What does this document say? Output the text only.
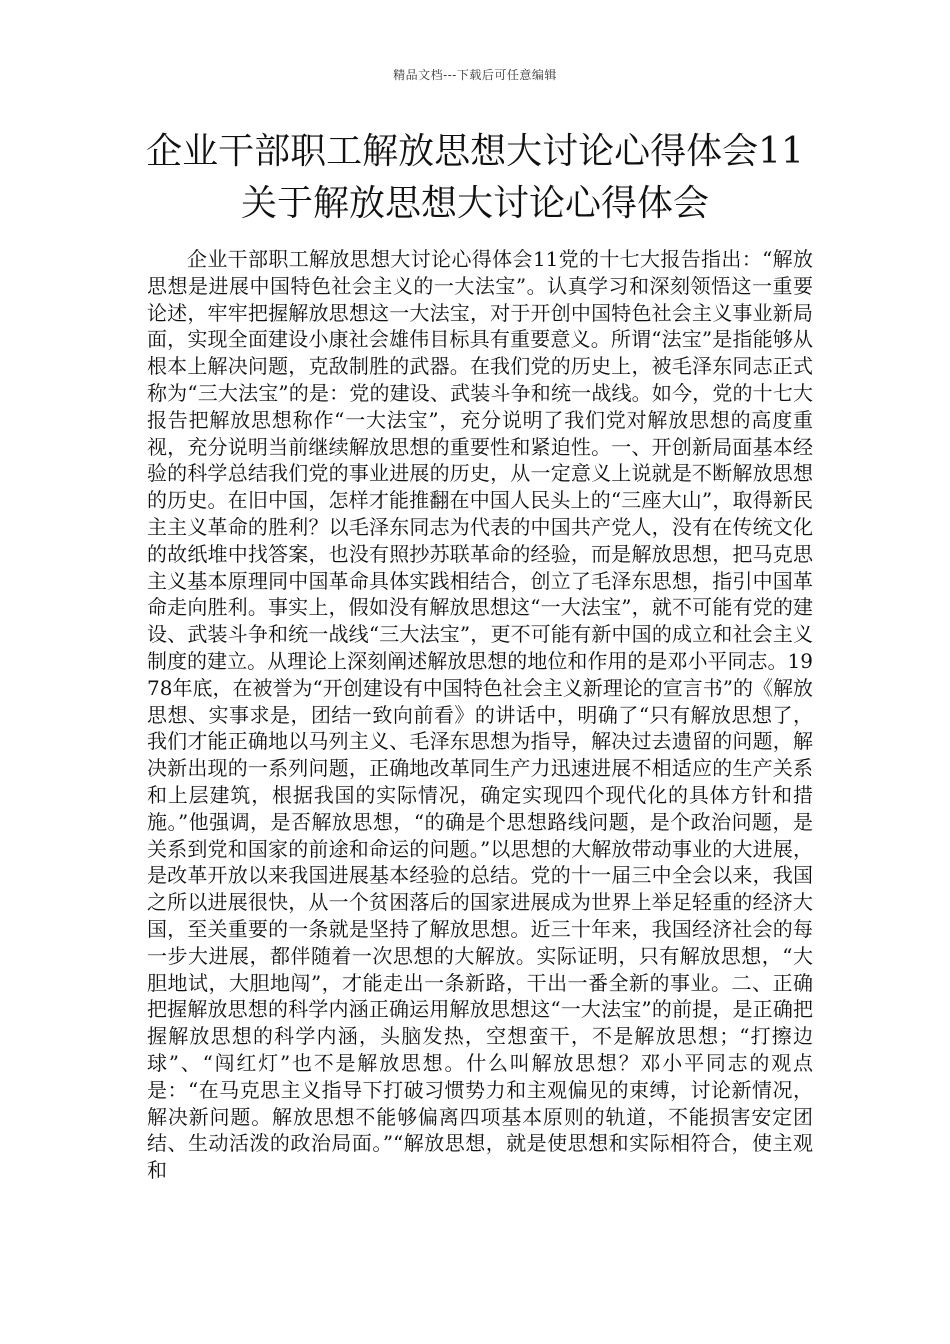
精品文档---下载后可任意编辑
企业干部职工解放思想大讨论心得体会11
关于解放思想大讨论心得体会

企业干部职工解放思想大讨论心得体会11党的十七大报告指出：“解放思想是进展中国特色社会主义的一大法宝”。认真学习和深刻领悟这一重要论述，牢牢把握解放思想这一大法宝，对于开创中国特色社会主义事业新局面，实现全面建设小康社会雄伟目标具有重要意义。所谓“法宝”是指能够从根本上解决问题，克敌制胜的武器。在我们党的历史上，被毛泽东同志正式称为“三大法宝”的是：党的建设、武装斗争和统一战线。如今，党的十七大报告把解放思想称作“一大法宝”，充分说明了我们党对解放思想的高度重视，充分说明当前继续解放思想的重要性和紧迫性。一、开创新局面基本经验的科学总结我们党的事业进展的历史，从一定意义上说就是不断解放思想的历史。在旧中国，怎样才能推翻在中国人民头上的“三座大山”，取得新民主主义革命的胜利？以毛泽东同志为代表的中国共产党人，没有在传统文化的故纸堆中找答案，也没有照抄苏联革命的经验，而是解放思想，把马克思主义基本原理同中国革命具体实践相结合，创立了毛泽东思想，指引中国革命走向胜利。事实上，假如没有解放思想这“一大法宝”，就不可能有党的建设、武装斗争和统一战线“三大法宝”，更不可能有新中国的成立和社会主义制度的建立。从理论上深刻阐述解放思想的地位和作用的是邓小平同志。1978年底，在被誉为“开创建设有中国特色社会主义新理论的宣言书”的《解放思想、实事求是，团结一致向前看》的讲话中，明确了“只有解放思想了，我们才能正确地以马列主义、毛泽东思想为指导，解决过去遗留的问题，解决新出现的一系列问题，正确地改革同生产力迅速进展不相适应的生产关系和上层建筑，根据我国的实际情况，确定实现四个现代化的具体方针和措施。”他强调，是否解放思想，“的确是个思想路线问题，是个政治问题，是关系到党和国家的前途和命运的问题。”以思想的大解放带动事业的大进展，是改革开放以来我国进展基本经验的总结。党的十一届三中全会以来，我国之所以进展很快，从一个贫困落后的国家进展成为世界上举足轻重的经济大国，至关重要的一条就是坚持了解放思想。近三十年来，我国经济社会的每一步大进展，都伴随着一次思想的大解放。实际证明，只有解放思想，“大胆地试，大胆地闯”，才能走出一条新路，干出一番全新的事业。二、正确把握解放思想的科学内涵正确运用解放思想这“一大法宝”的前提，是正确把握解放思想的科学内涵，头脑发热，空想蛮干，不是解放思想；“打擦边球”、“闯红灯”也不是解放思想。什么叫解放思想？邓小平同志的观点是：“在马克思主义指导下打破习惯势力和主观偏见的束缚，讨论新情况，解决新问题。解放思想不能够偏离四项基本原则的轨道，不能损害安定团结、生动活泼的政治局面。”“解放思想，就是使思想和实际相符合，使主观和
